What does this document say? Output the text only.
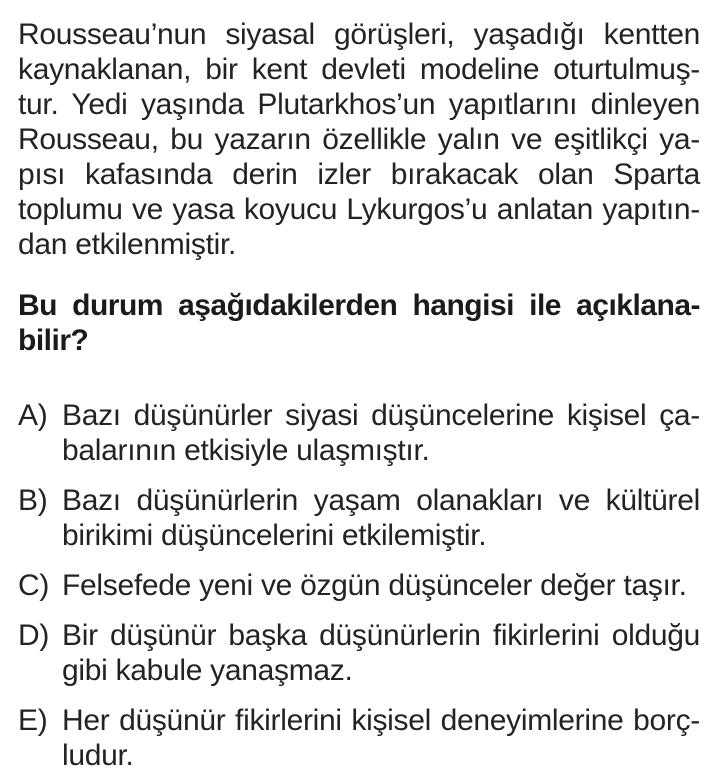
Rousseau’nun siyasal görüşleri, yaşadığı kentten
kaynaklanan, bir kent devleti modeline oturtulmuş-
tur. Yedi yaşında Plutarkhos’un yapıtlarını dinleyen
Rousseau, bu yazarın özellikle yalın ve eşitlikçi ya-
pısı kafasında derin izler bırakacak olan Sparta
toplumu ve yasa koyucu Lykurgos’u anlatan yapıtın-
dan etkilenmiştir.
Bu durum aşağıdakilerden hangisi ile açıklana-
bilir?
A) Bazı düşünürler siyasi düşüncelerine kişisel ça-
balarının etkisiyle ulaşmıştır.
B) Bazı düşünürlerin yaşam olanakları ve kültürel
birikimi düşüncelerini etkilemiştir.
C) Felsefede yeni ve özgün düşünceler değer taşır.
D) Bir düşünür başka düşünürlerin fikirlerini olduğu
gibi kabule yanaşmaz.
E) Her düşünür fikirlerini kişisel deneyimlerine borç-
ludur.
